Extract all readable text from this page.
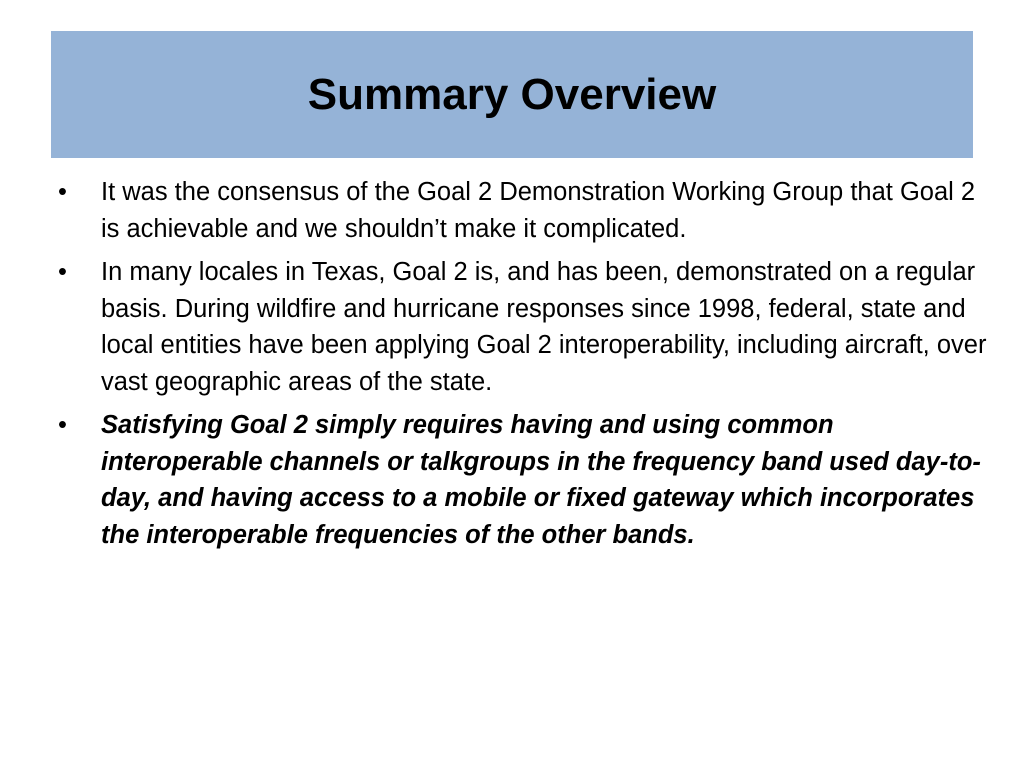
Summary Overview
•	It was the consensus of the Goal 2 Demonstration Working Group that Goal 2 is achievable and we shouldn’t make it complicated.
•	In many locales in Texas, Goal 2 is, and has been, demonstrated on a regular basis. During wildfire and hurricane responses since 1998, federal, state and local entities have been applying Goal 2 interoperability, including aircraft, over vast geographic areas of the state.
•	Satisfying Goal 2 simply requires having and using common interoperable channels or talkgroups in the frequency band used day-to-day, and having access to a mobile or fixed gateway which incorporates the interoperable frequencies of the other bands.
